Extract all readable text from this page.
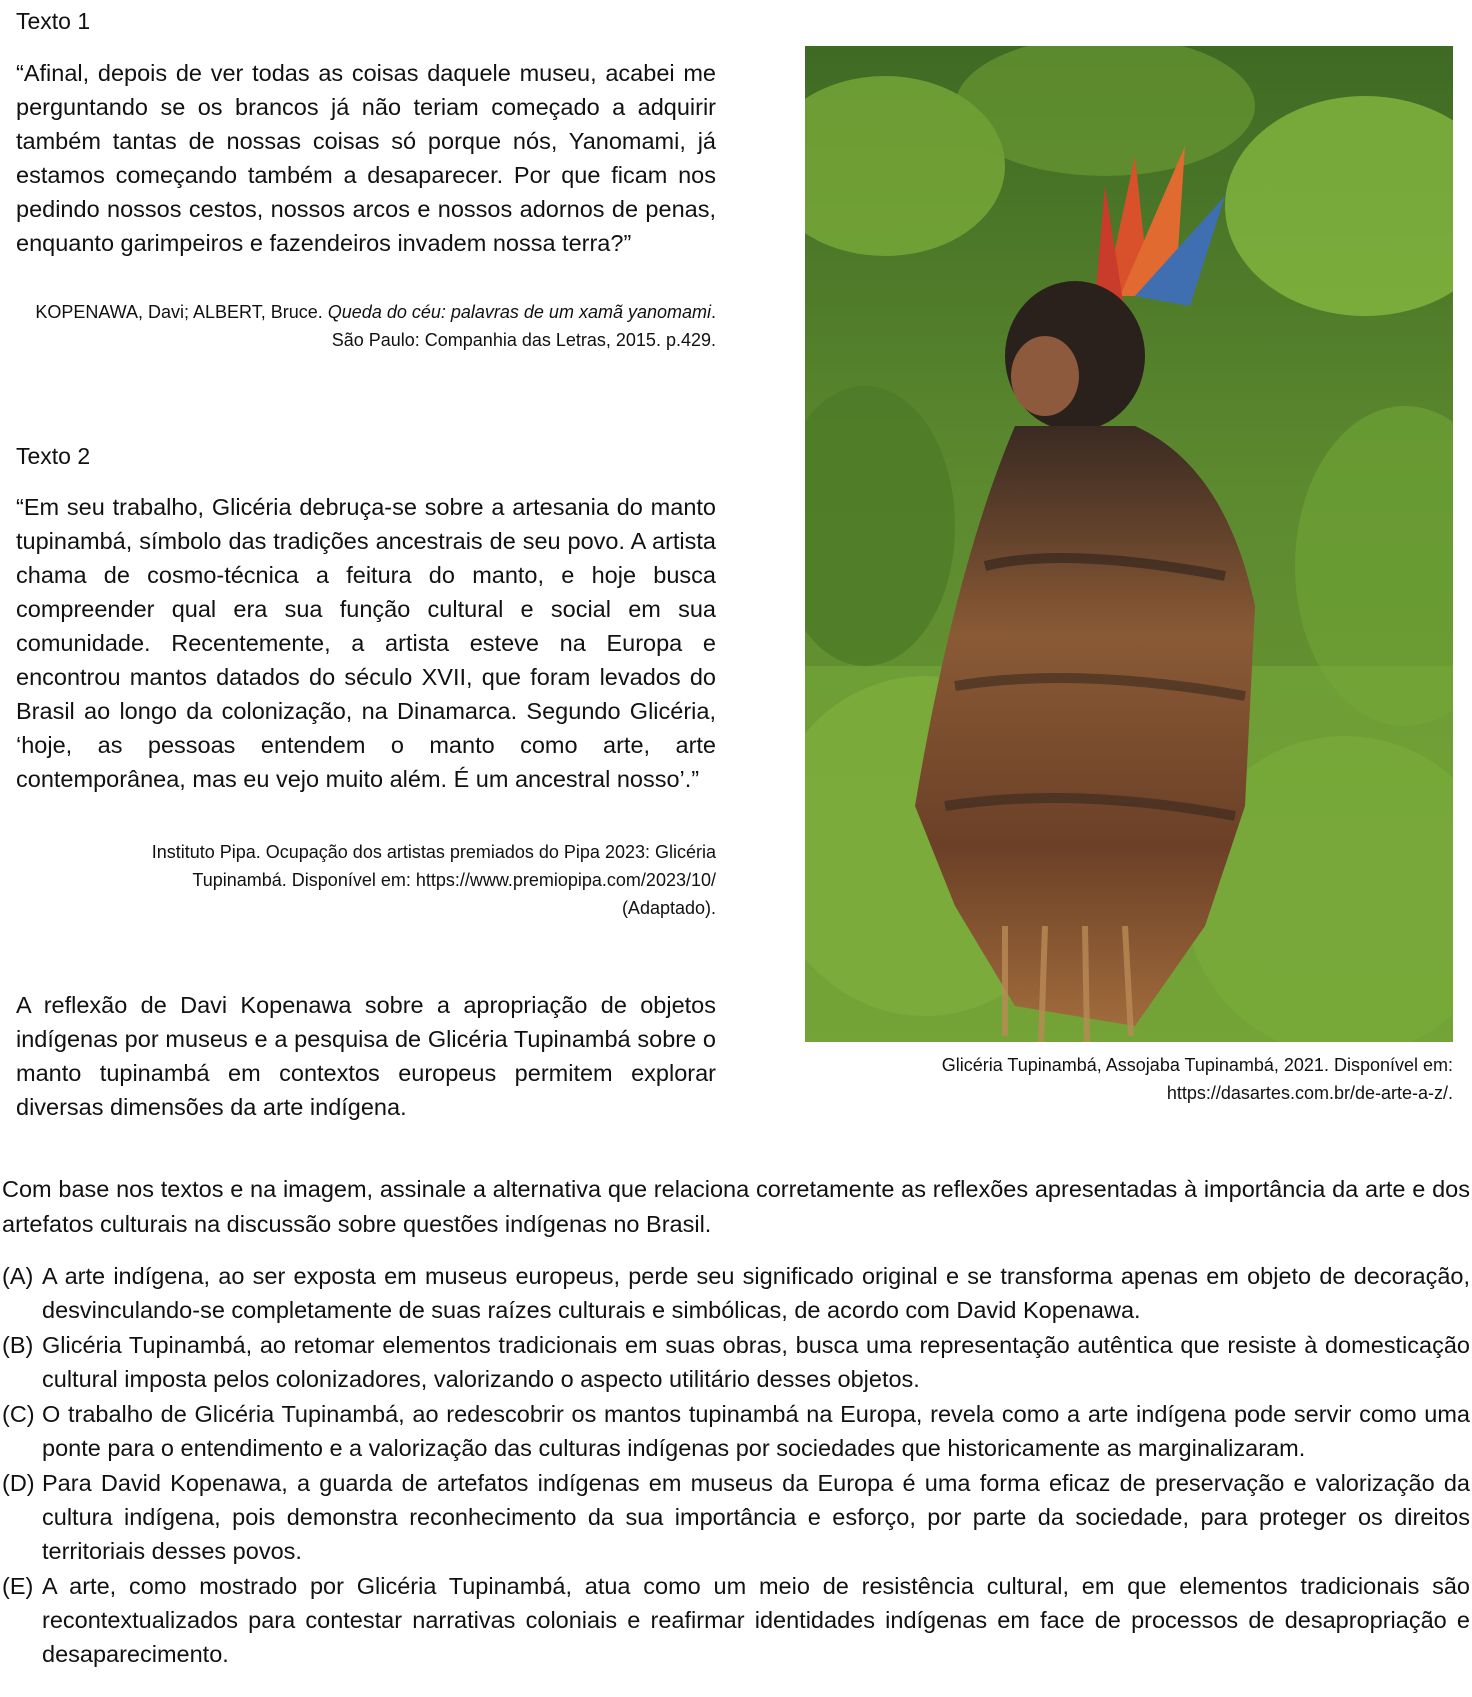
Texto 1
“Afinal, depois de ver todas as coisas daquele museu, acabei me perguntando se os brancos já não teriam começado a adquirir também tantas de nossas coisas só porque nós, Yanomami, já estamos começando também a desaparecer. Por que ficam nos pedindo nossos cestos, nossos arcos e nossos adornos de penas, enquanto garimpeiros e fazendeiros invadem nossa terra?”
KOPENAWA, Davi; ALBERT, Bruce. Queda do céu: palavras de um xamã yanomami. São Paulo: Companhia das Letras, 2015. p.429.
Texto 2
“Em seu trabalho, Glicéria debruça-se sobre a artesania do manto tupinambá, símbolo das tradições ancestrais de seu povo. A artista chama de cosmo-técnica a feitura do manto, e hoje busca compreender qual era sua função cultural e social em sua comunidade. Recentemente, a artista esteve na Europa e encontrou mantos datados do século XVII, que foram levados do Brasil ao longo da colonização, na Dinamarca. Segundo Glicéria, ‘hoje, as pessoas entendem o manto como arte, arte contemporânea, mas eu vejo muito além. É um ancestral nosso’.”
Instituto Pipa. Ocupação dos artistas premiados do Pipa 2023: Glicéria
Tupinambá. Disponível em: https://www.premiopipa.com/2023/10/
(Adaptado).
A reflexão de Davi Kopenawa sobre a apropriação de objetos indígenas por museus e a pesquisa de Glicéria Tupinambá sobre o manto tupinambá em contextos europeus permitem explorar diversas dimensões da arte indígena.
Glicéria Tupinambá, Assojaba Tupinambá, 2021. Disponível em:
https://dasartes.com.br/de-arte-a-z/.
Com base nos textos e na imagem, assinale a alternativa que relaciona corretamente as reflexões apresentadas à importância da arte e dos artefatos culturais na discussão sobre questões indígenas no Brasil.
(A) A arte indígena, ao ser exposta em museus europeus, perde seu significado original e se transforma apenas em objeto de decoração, desvinculando-se completamente de suas raízes culturais e simbólicas, de acordo com David Kopenawa.
(B) Glicéria Tupinambá, ao retomar elementos tradicionais em suas obras, busca uma representação autêntica que resiste à domesticação cultural imposta pelos colonizadores, valorizando o aspecto utilitário desses objetos.
(C) O trabalho de Glicéria Tupinambá, ao redescobrir os mantos tupinambá na Europa, revela como a arte indígena pode servir como uma ponte para o entendimento e a valorização das culturas indígenas por sociedades que historicamente as marginalizaram.
(D) Para David Kopenawa, a guarda de artefatos indígenas em museus da Europa é uma forma eficaz de preservação e valorização da cultura indígena, pois demonstra reconhecimento da sua importância e esforço, por parte da sociedade, para proteger os direitos territoriais desses povos.
(E) A arte, como mostrado por Glicéria Tupinambá, atua como um meio de resistência cultural, em que elementos tradicionais são recontextualizados para contestar narrativas coloniais e reafirmar identidades indígenas em face de processos de desapropriação e desaparecimento.
